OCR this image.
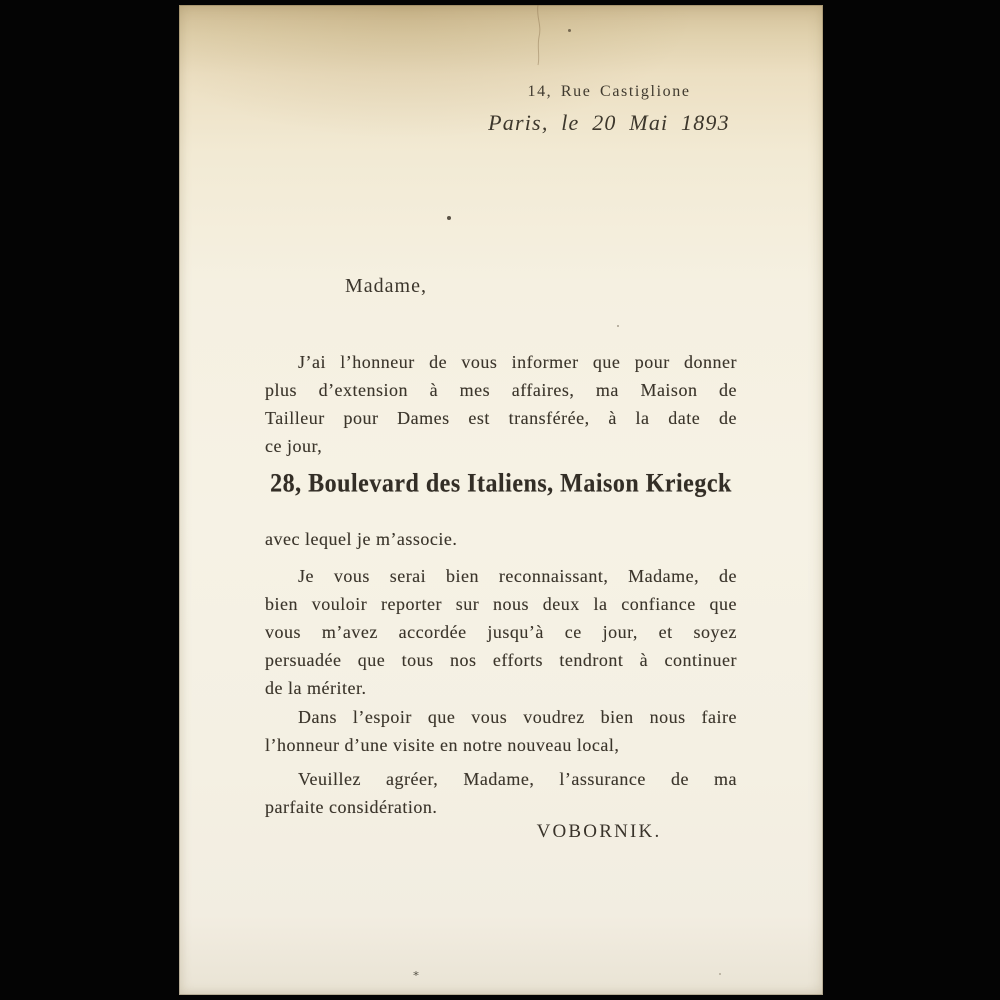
14, Rue Castiglione
Paris, le 20 Mai 1893
Madame,
J’ai l’honneur de vous informer que pour donner
plus d’extension à mes affaires, ma Maison de
Tailleur pour Dames est transférée, à la date de
ce jour,
28, Boulevard des Italiens, Maison Kriegck
avec lequel je m’associe.
Je vous serai bien reconnaissant, Madame, de
bien vouloir reporter sur nous deux la confiance que
vous m’avez accordée jusqu’à ce jour, et soyez
persuadée que tous nos efforts tendront à continuer
de la mériter.
Dans l’espoir que vous voudrez bien nous faire
l’honneur d’une visite en notre nouveau local,
Veuillez agréer, Madame, l’assurance de ma
parfaite considération.
VOBORNIK.
⁎
